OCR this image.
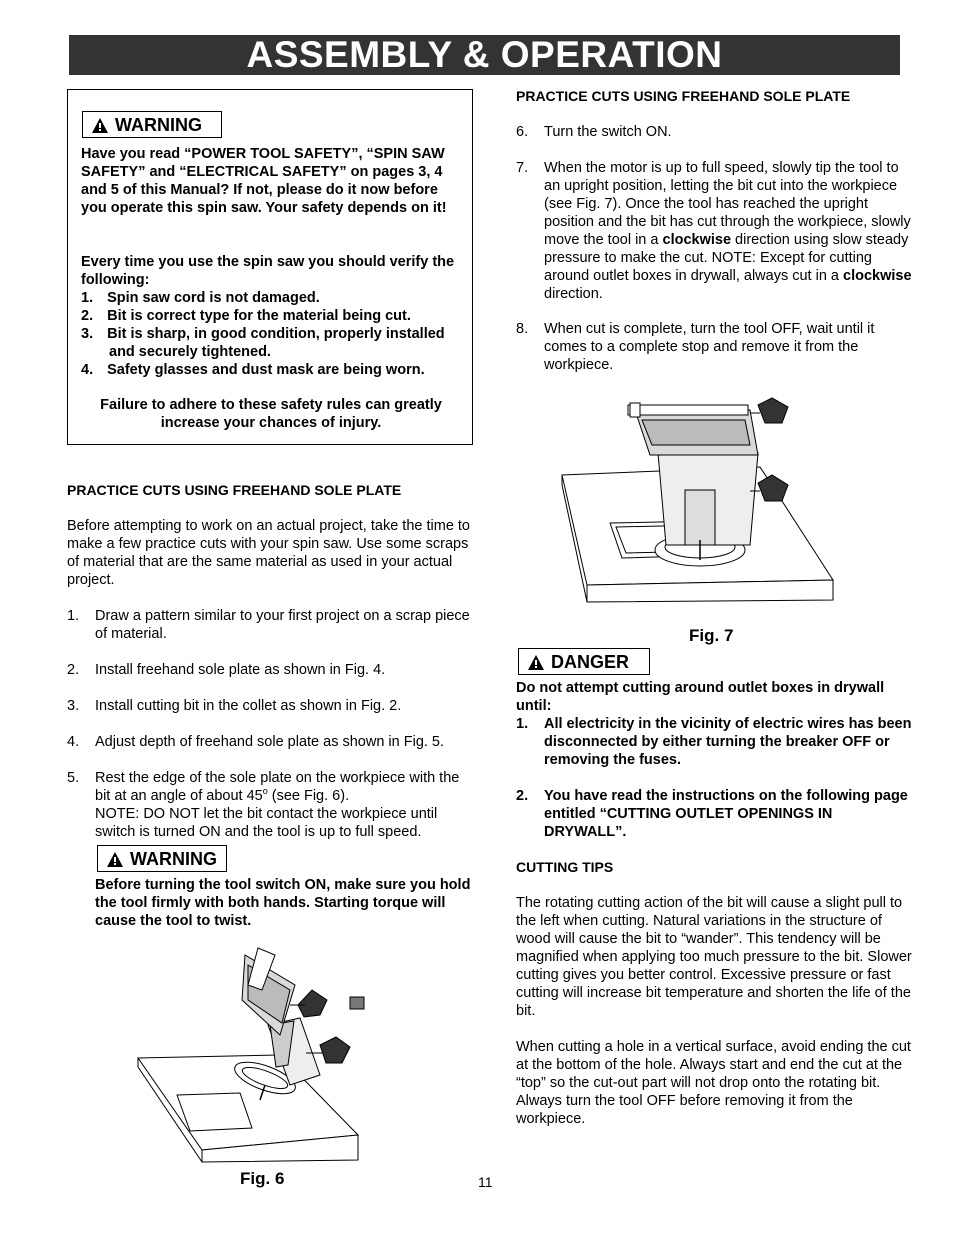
ASSEMBLY & OPERATION
WARNING
Have you read “POWER TOOL SAFETY”, “SPIN SAW SAFETY” and “ELECTRICAL SAFETY” on pages 3, 4 and 5 of this Manual? If not, please do it now before you operate this spin saw. Your safety depends on it!
Every time you use the spin saw you should verify the following:
1. Spin saw cord is not damaged.
2. Bit is correct type for the material being cut.
3. Bit is sharp, in good condition, properly installed and securely tightened.
4. Safety glasses and dust mask are being worn.
Failure to adhere to these safety rules can greatly increase your chances of injury.
PRACTICE CUTS USING FREEHAND SOLE PLATE
Before attempting to work on an actual project, take the time to make a few practice cuts with your spin saw. Use some scraps of material that are the same material as used in your actual project.
1. Draw a pattern similar to your first project on a scrap piece of material.
2. Install freehand sole plate as shown in Fig. 4.
3. Install cutting bit in the collet as shown in Fig. 2.
4. Adjust depth of freehand sole plate as shown in Fig. 5.
5. Rest the edge of the sole plate on the workpiece with the bit at an angle of about 45$^o$ (see Fig. 6).
NOTE: DO NOT let the bit contact the workpiece until switch is turned ON and the tool is up to full speed.
WARNING
Before turning the tool switch ON, make sure you hold the tool firmly with both hands. Starting torque will cause the tool to twist.
Fig. 6	11
PRACTICE CUTS USING FREEHAND SOLE PLATE
6. Turn the switch ON.
7. When the motor is up to full speed, slowly tip the tool to an upright position, letting the bit cut into the workpiece (see Fig. 7). Once the tool has reached the upright position and the bit has cut through the workpiece, slowly move the tool in a clockwise direction using slow steady pressure to make the cut. NOTE: Except for cutting around outlet boxes in drywall, always cut in a clockwise direction.
8. When cut is complete, turn the tool OFF, wait until it comes to a complete stop and remove it from the workpiece.
Fig. 7
DANGER
Do not attempt cutting around outlet boxes in drywall until:
1. All electricity in the vicinity of electric wires has been disconnected by either turning the breaker OFF or removing the fuses.
2. You have read the instructions on the following page entitled “CUTTING OUTLET OPENINGS IN DRYWALL”.
CUTTING TIPS
The rotating cutting action of the bit will cause a slight pull to the left when cutting. Natural variations in the structure of wood will cause the bit to “wander”. This tendency will be magnified when applying too much pressure to the bit. Slower cutting gives you better control. Excessive pressure or fast cutting will increase bit temperature and shorten the life of the bit.
When cutting a hole in a vertical surface, avoid ending the cut at the bottom of the hole. Always start and end the cut at the “top” so the cut-out part will not drop onto the rotating bit. Always turn the tool OFF before removing it from the workpiece.
